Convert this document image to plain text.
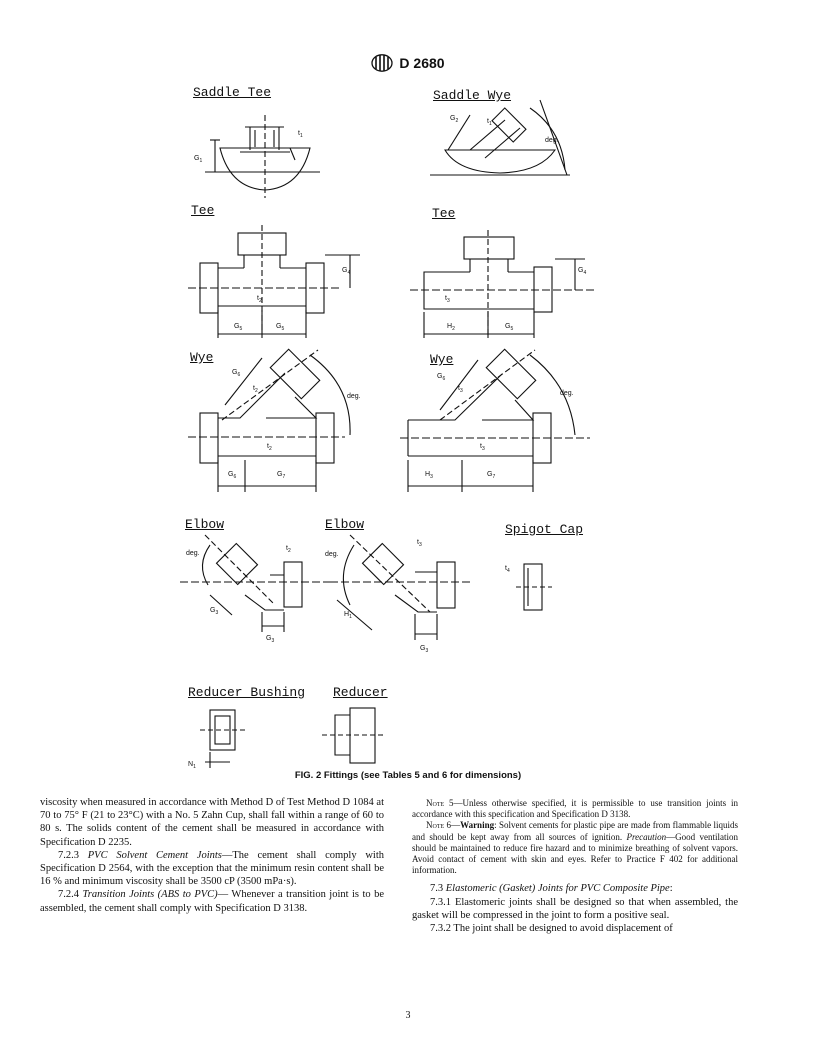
D 2680
Saddle Tee	Saddle Wye
Tee	Tee
Wye	Wye
Elbow	Elbow	Spigot Cap
Reducer Bushing Reducer
$t_1$
$G_1$
$G_2$	$t_1$
deg.
$G_4$
$t_2$
$G_5$	$G_5$
$G_4$
$t_3$
$H_2$	$G_5$
$G_6$
$t_2$
deg.
$t_2$
$G_6$	$G_7$
$G_6$
$t_3$	deg.
$t_3$
$H_3$	$G_7$
deg.
$t_2$
$G_3$
$G_3$
deg.
$t_3$
$H_1$
$G_3$
$t_4$
$N_1$
FIG. 2 Fittings (see Tables 5 and 6 for dimensions)

viscosity when measured in accordance with Method D of Test Method D 1084 at 70 to 75° F (21 to 23°C) with a No. 5 Zahn Cup, shall fall within a range of 60 to 80 s. The solids content of the cement shall be measured in accordance with Specification D 2235.

7.2.3 PVC Solvent Cement Joints—The cement shall comply with Specification D 2564, with the exception that the minimum resin content shall be 16 % and minimum viscosity shall be 3500 cP (3500 mPa·s).

7.2.4 Transition Joints (ABS to PVC)— Whenever a transition joint is to be assembled, the cement shall comply with Specification D 3138.

Note 5—Unless otherwise specified, it is permissible to use transition joints in accordance with this specification and Specification D 3138.

Note 6—Warning: Solvent cements for plastic pipe are made from flammable liquids and should be kept away from all sources of ignition. Precaution—Good ventilation should be maintained to reduce fire hazard and to minimize breathing of solvent vapors. Avoid contact of cement with skin and eyes. Refer to Practice F 402 for additional information.

7.3 Elastomeric (Gasket) Joints for PVC Composite Pipe:

7.3.1 Elastomeric joints shall be designed so that when assembled, the gasket will be compressed in the joint to form a positive seal.

7.3.2 The joint shall be designed to avoid displacement of

3
